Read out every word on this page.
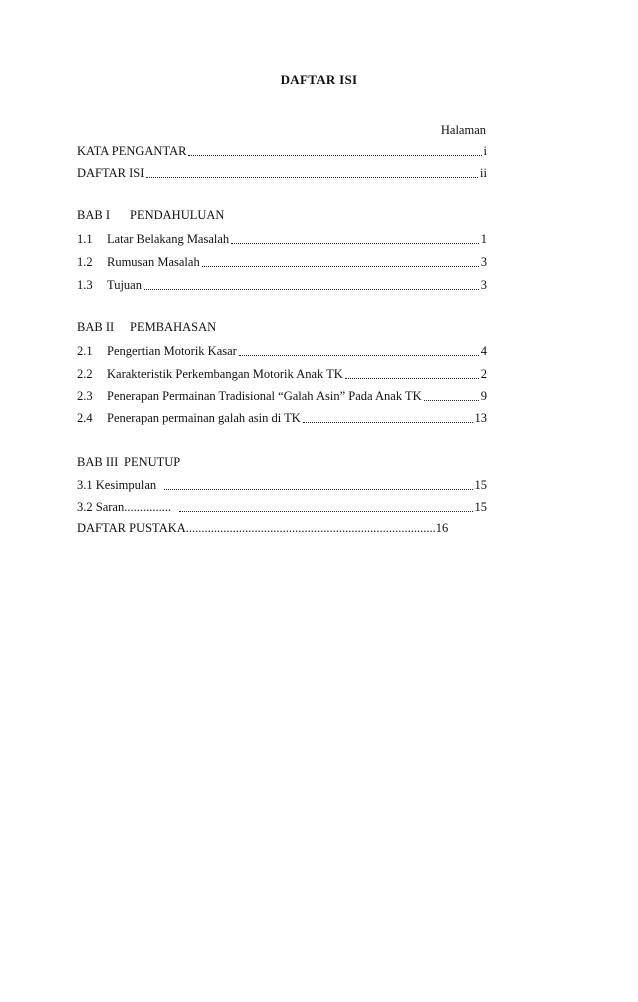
DAFTAR ISI
Halaman
KATA PENGANTAR	i
DAFTAR ISI	ii
BAB I PENDAHULUAN
1.1	Latar Belakang Masalah	1
1.2	Rumusan Masalah	3
1.3	Tujuan	3
BAB II PEMBAHASAN
2.1	Pengertian Motorik Kasar	4
2.2	Karakteristik Perkembangan Motorik Anak TK	2
2.3	Penerapan Permainan Tradisional “Galah Asin” Pada Anak TK	9
2.4	Penerapan permainan galah asin di TK	13
BAB III PENUTUP
3.1 Kesimpulan	15
3.2 Saran...............	15
DAFTAR PUSTAKA................................................................................16
